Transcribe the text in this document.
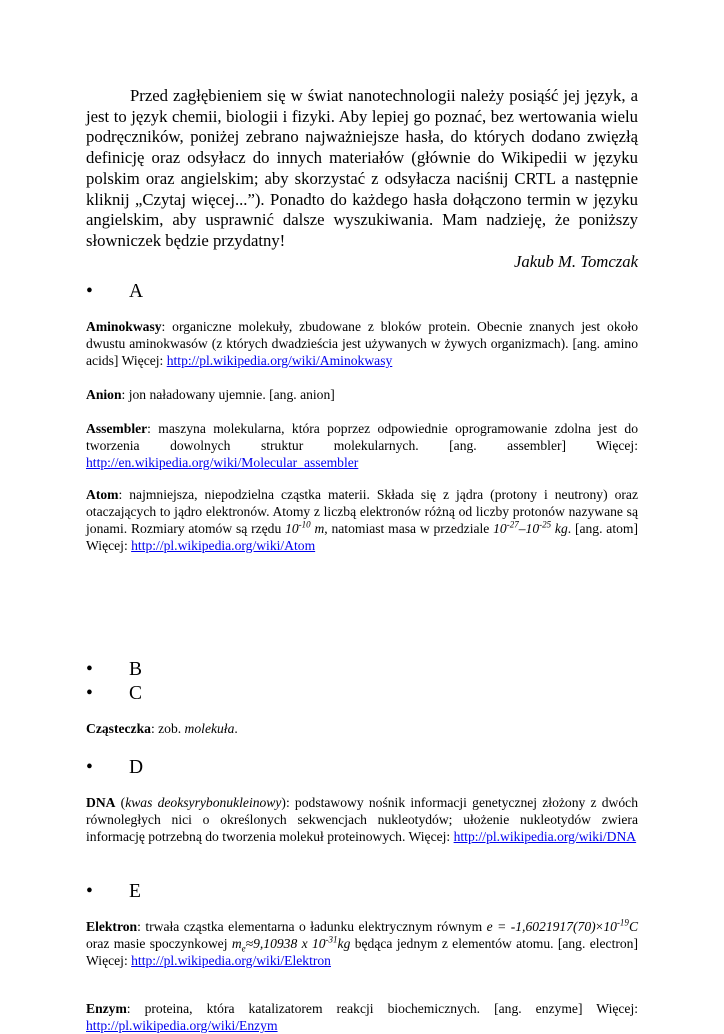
Przed zagłębieniem się w świat nanotechnologii należy posiąść jej język, a jest to język chemii, biologii i fizyki. Aby lepiej go poznać, bez wertowania wielu podręczników, poniżej zebrano najważniejsze hasła, do których dodano zwięzłą definicję oraz odsyłacz do innych materiałów (głównie do Wikipedii w języku polskim oraz angielskim; aby skorzystać z odsyłacza naciśnij CRTL a następnie kliknij „Czytaj więcej...”). Ponadto do każdego hasła dołączono termin w języku angielskim, aby usprawnić dalsze wyszukiwania. Mam nadzieję, że poniższy słowniczek będzie przydatny!

Jakub M. Tomczak

• A

Aminokwasy: organiczne molekuły, zbudowane z bloków protein. Obecnie znanych jest około dwustu aminokwasów (z których dwadzieścia jest używanych w żywych organizmach). [ang. amino acids] Więcej: http://pl.wikipedia.org/wiki/Aminokwasy

Anion: jon naładowany ujemnie. [ang. anion]

Assembler: maszyna molekularna, która poprzez odpowiednie oprogramowanie zdolna jest do tworzenia dowolnych struktur molekularnych. [ang. assembler] Więcej: http://en.wikipedia.org/wiki/Molecular_assembler

Atom: najmniejsza, niepodzielna cząstka materii. Składa się z jądra (protony i neutrony) oraz otaczających to jądro elektronów. Atomy z liczbą elektronów różną od liczby protonów nazywane są jonami. Rozmiary atomów są rzędu $10^{-10}$ m, natomiast masa w przedziale $10^{-27}-10^{-25}$ kg. [ang. atom] Więcej: http://pl.wikipedia.org/wiki/Atom

• B
• C

Cząsteczka: zob. molekuła.

• D

DNA (kwas deoksyrybonukleinowy): podstawowy nośnik informacji genetycznej złożony z dwóch równoległych nici o określonych sekwencjach nukleotydów; ułożenie nukleotydów zwiera informację potrzebną do tworzenia molekuł proteinowych. Więcej: http://pl.wikipedia.org/wiki/DNA

• E

Elektron: trwała cząstka elementarna o ładunku elektrycznym równym $e = -1,6021917(70)\times 10^{-19}C$ oraz masie spoczynkowej $m_e\approx 9,10938$ x $10^{-31}kg$ będąca jednym z elementów atomu. [ang. electron] Więcej: http://pl.wikipedia.org/wiki/Elektron

Enzym: proteina, która katalizatorem reakcji biochemicznych. [ang. enzyme] Więcej: http://pl.wikipedia.org/wiki/Enzym
